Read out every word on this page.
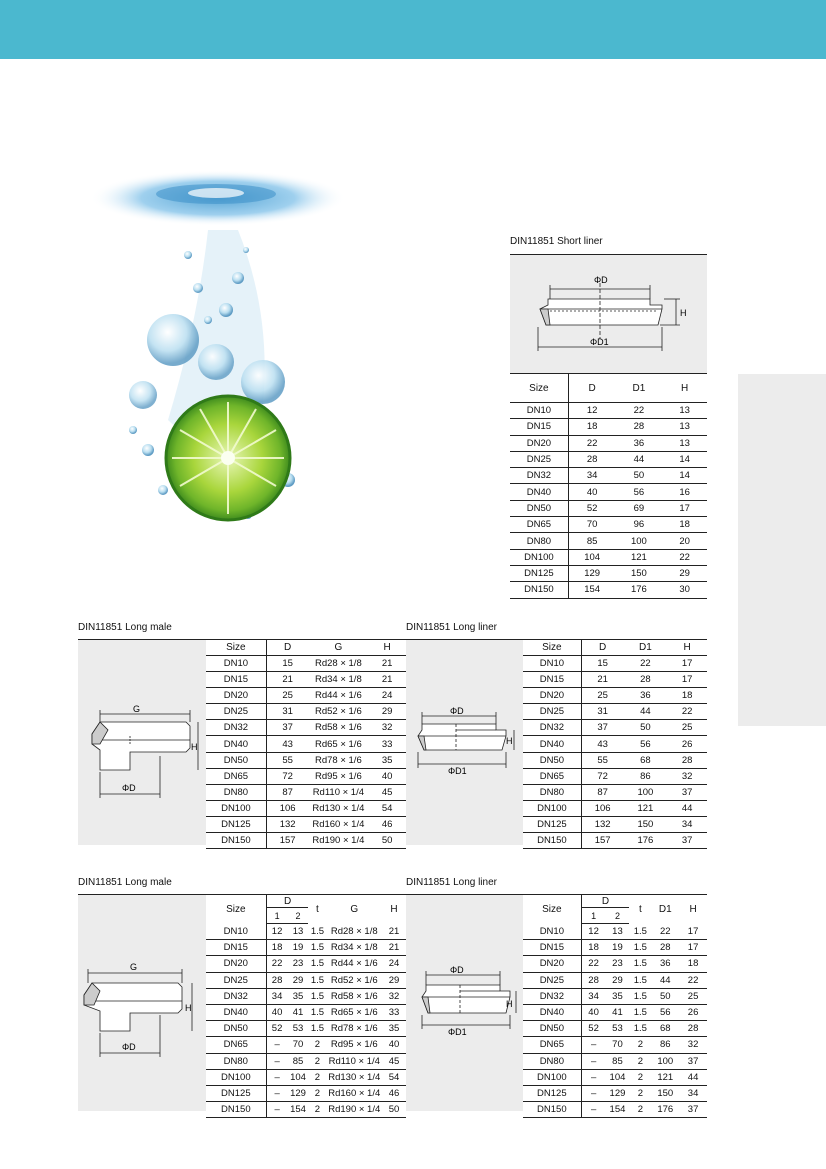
DIN11851 Short liner
ΦD
ΦD1
H
Size	D	D1	H
DN10	12	22	13
DN15	18	28	13
DN20	22	36	13
DN25	28	44	14
DN32	34	50	14
DN40	40	56	16
DN50	52	69	17
DN65	70	96	18
DN80	85	100	20
DN100	104	121	22
DN125	129	150	29
DN150	154	176	30
DIN11851 Long male
G
ΦD
H
Size	D	G	H
DN10	15	Rd28 × 1/8	21
DN15	21	Rd34 × 1/8	21
DN20	25	Rd44 × 1/6	24
DN25	31	Rd52 × 1/6	29
DN32	37	Rd58 × 1/6	32
DN40	43	Rd65 × 1/6	33
DN50	55	Rd78 × 1/6	35
DN65	72	Rd95 × 1/6	40
DN80	87	Rd110 × 1/4	45
DN100	106	Rd130 × 1/4	54
DN125	132	Rd160 × 1/4	46
DN150	157	Rd190 × 1/4	50
DIN11851 Long liner
ΦD
ΦD1
H
Size	D	D1	H
DN10	15	22	17
DN15	21	28	17
DN20	25	36	18
DN25	31	44	22
DN32	37	50	25
DN40	43	56	26
DN50	55	68	28
DN65	72	86	32
DN80	87	100	37
DN100	106	121	44
DN125	132	150	34
DN150	157	176	37
DIN11851 Long male
G
ΦD
H
Size	D		t	G	H
	1	2			
DN10	12	13	1.5	Rd28 × 1/8	21
DN15	18	19	1.5	Rd34 × 1/8	21
DN20	22	23	1.5	Rd44 × 1/6	24
DN25	28	29	1.5	Rd52 × 1/6	29
DN32	34	35	1.5	Rd58 × 1/6	32
DN40	40	41	1.5	Rd65 × 1/6	33
DN50	52	53	1.5	Rd78 × 1/6	35
DN65	–	70	2	Rd95 × 1/6	40
DN80	–	85	2	Rd110 × 1/4	45
DN100	–	104	2	Rd130 × 1/4	54
DN125	–	129	2	Rd160 × 1/4	46
DN150	–	154	2	Rd190 × 1/4	50
DIN11851 Long liner
ΦD
ΦD1
H
Size	D		t	D1	H
	1	2			
DN10	12	13	1.5	22	17
DN15	18	19	1.5	28	17
DN20	22	23	1.5	36	18
DN25	28	29	1.5	44	22
DN32	34	35	1.5	50	25
DN40	40	41	1.5	56	26
DN50	52	53	1.5	68	28
DN65	–	70	2	86	32
DN80	–	85	2	100	37
DN100	–	104	2	121	44
DN125	–	129	2	150	34
DN150	–	154	2	176	37
